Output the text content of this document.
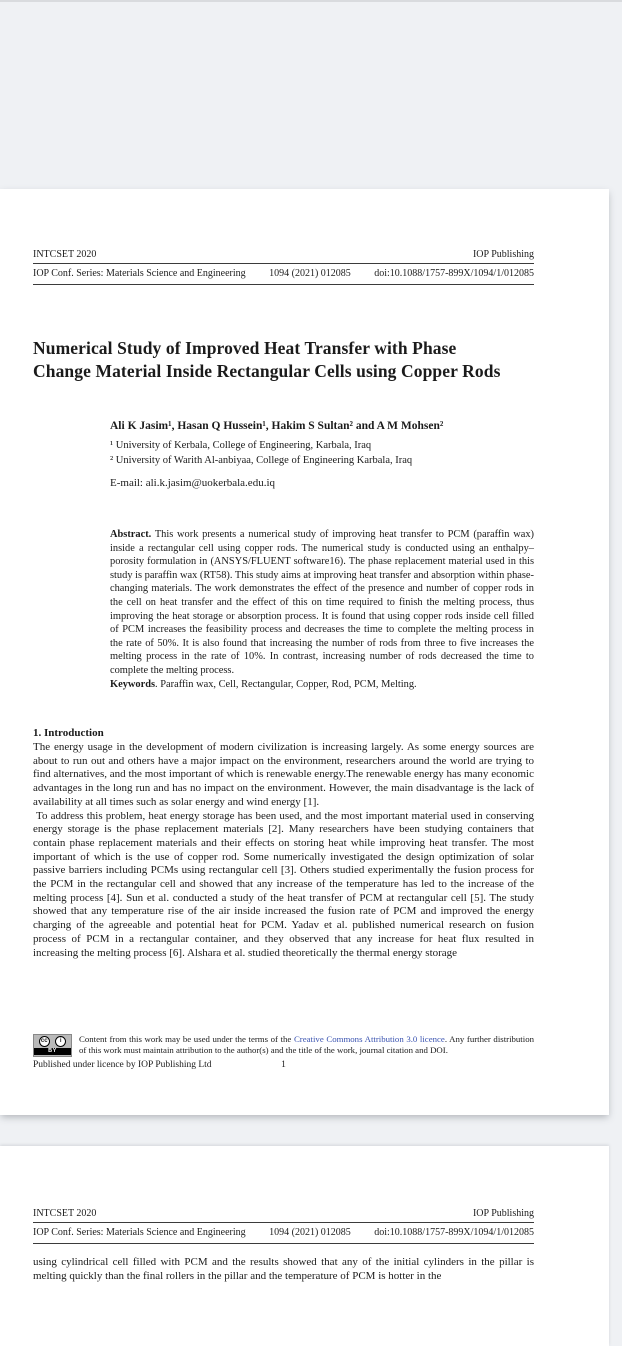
INTCSET 2020	IOP Publishing
IOP Conf. Series: Materials Science and Engineering 1094 (2021) 012085 doi:10.1088/1757-899X/1094/1/012085
Numerical Study of Improved Heat Transfer with Phase Change Material Inside Rectangular Cells using Copper Rods
Ali K Jasim¹, Hasan Q Hussein¹, Hakim S Sultan² and A M Mohsen²
¹ University of Kerbala, College of Engineering, Karbala, Iraq
² University of Warith Al-anbiyaa, College of Engineering Karbala, Iraq
E-mail: ali.k.jasim@uokerbala.edu.iq

Abstract. This work presents a numerical study of improving heat transfer to PCM (paraffin wax) inside a rectangular cell using copper rods. The numerical study is conducted using an enthalpy–porosity formulation in (ANSYS/FLUENT software16). The phase replacement material used in this study is paraffin wax (RT58). This study aims at improving heat transfer and absorption within phase-changing materials. The work demonstrates the effect of the presence and number of copper rods in the cell on heat transfer and the effect of this on time required to finish the melting process, thus improving the heat storage or absorption process. It is found that using copper rods inside cell filled of PCM increases the feasibility process and decreases the time to complete the melting process in the rate of 50%. It is also found that increasing the number of rods from three to five increases the melting process in the rate of 10%. In contrast, increasing number of rods decreased the time to complete the melting process.

Keywords. Paraffin wax, Cell, Rectangular, Copper, Rod, PCM, Melting.

1. Introduction

The energy usage in the development of modern civilization is increasing largely. As some energy sources are about to run out and others have a major impact on the environment, researchers around the world are trying to find alternatives, and the most important of which is renewable energy.The renewable energy has many economic advantages in the long run and has no impact on the environment. However, the main disadvantage is the lack of availability at all times such as solar energy and wind energy [1].

To address this problem, heat energy storage has been used, and the most important material used in conserving energy storage is the phase replacement materials [2]. Many researchers have been studying containers that contain phase replacement materials and their effects on storing heat while improving heat transfer. The most important of which is the use of copper rod. Some numerically investigated the design optimization of solar passive barriers including PCMs using rectangular cell [3]. Others studied experimentally the fusion process for the PCM in the rectangular cell and showed that any increase of the temperature has led to the increase of the melting process [4]. Sun et al. conducted a study of the heat transfer of PCM at rectangular cell [5]. The study showed that any temperature rise of the air inside increased the fusion rate of PCM and improved the energy charging of the agreeable and potential heat for PCM. Yadav et al. published numerical research on fusion process of PCM in a rectangular container, and they observed that any increase for heat flux resulted in increasing the melting process [6]. Alshara et al. studied theoretically the thermal energy storage

cc	i
BY
Content from this work may be used under the terms of the Creative Commons Attribution 3.0 licence. Any further distribution of this work must maintain attribution to the author(s) and the title of the work, journal citation and DOI.
Published under licence by IOP Publishing Ltd	1
INTCSET 2020	IOP Publishing
IOP Conf. Series: Materials Science and Engineering 1094 (2021) 012085 doi:10.1088/1757-899X/1094/1/012085

using cylindrical cell filled with PCM and the results showed that any of the initial cylinders in the pillar is melting quickly than the final rollers in the pillar and the temperature of PCM is hotter in the
